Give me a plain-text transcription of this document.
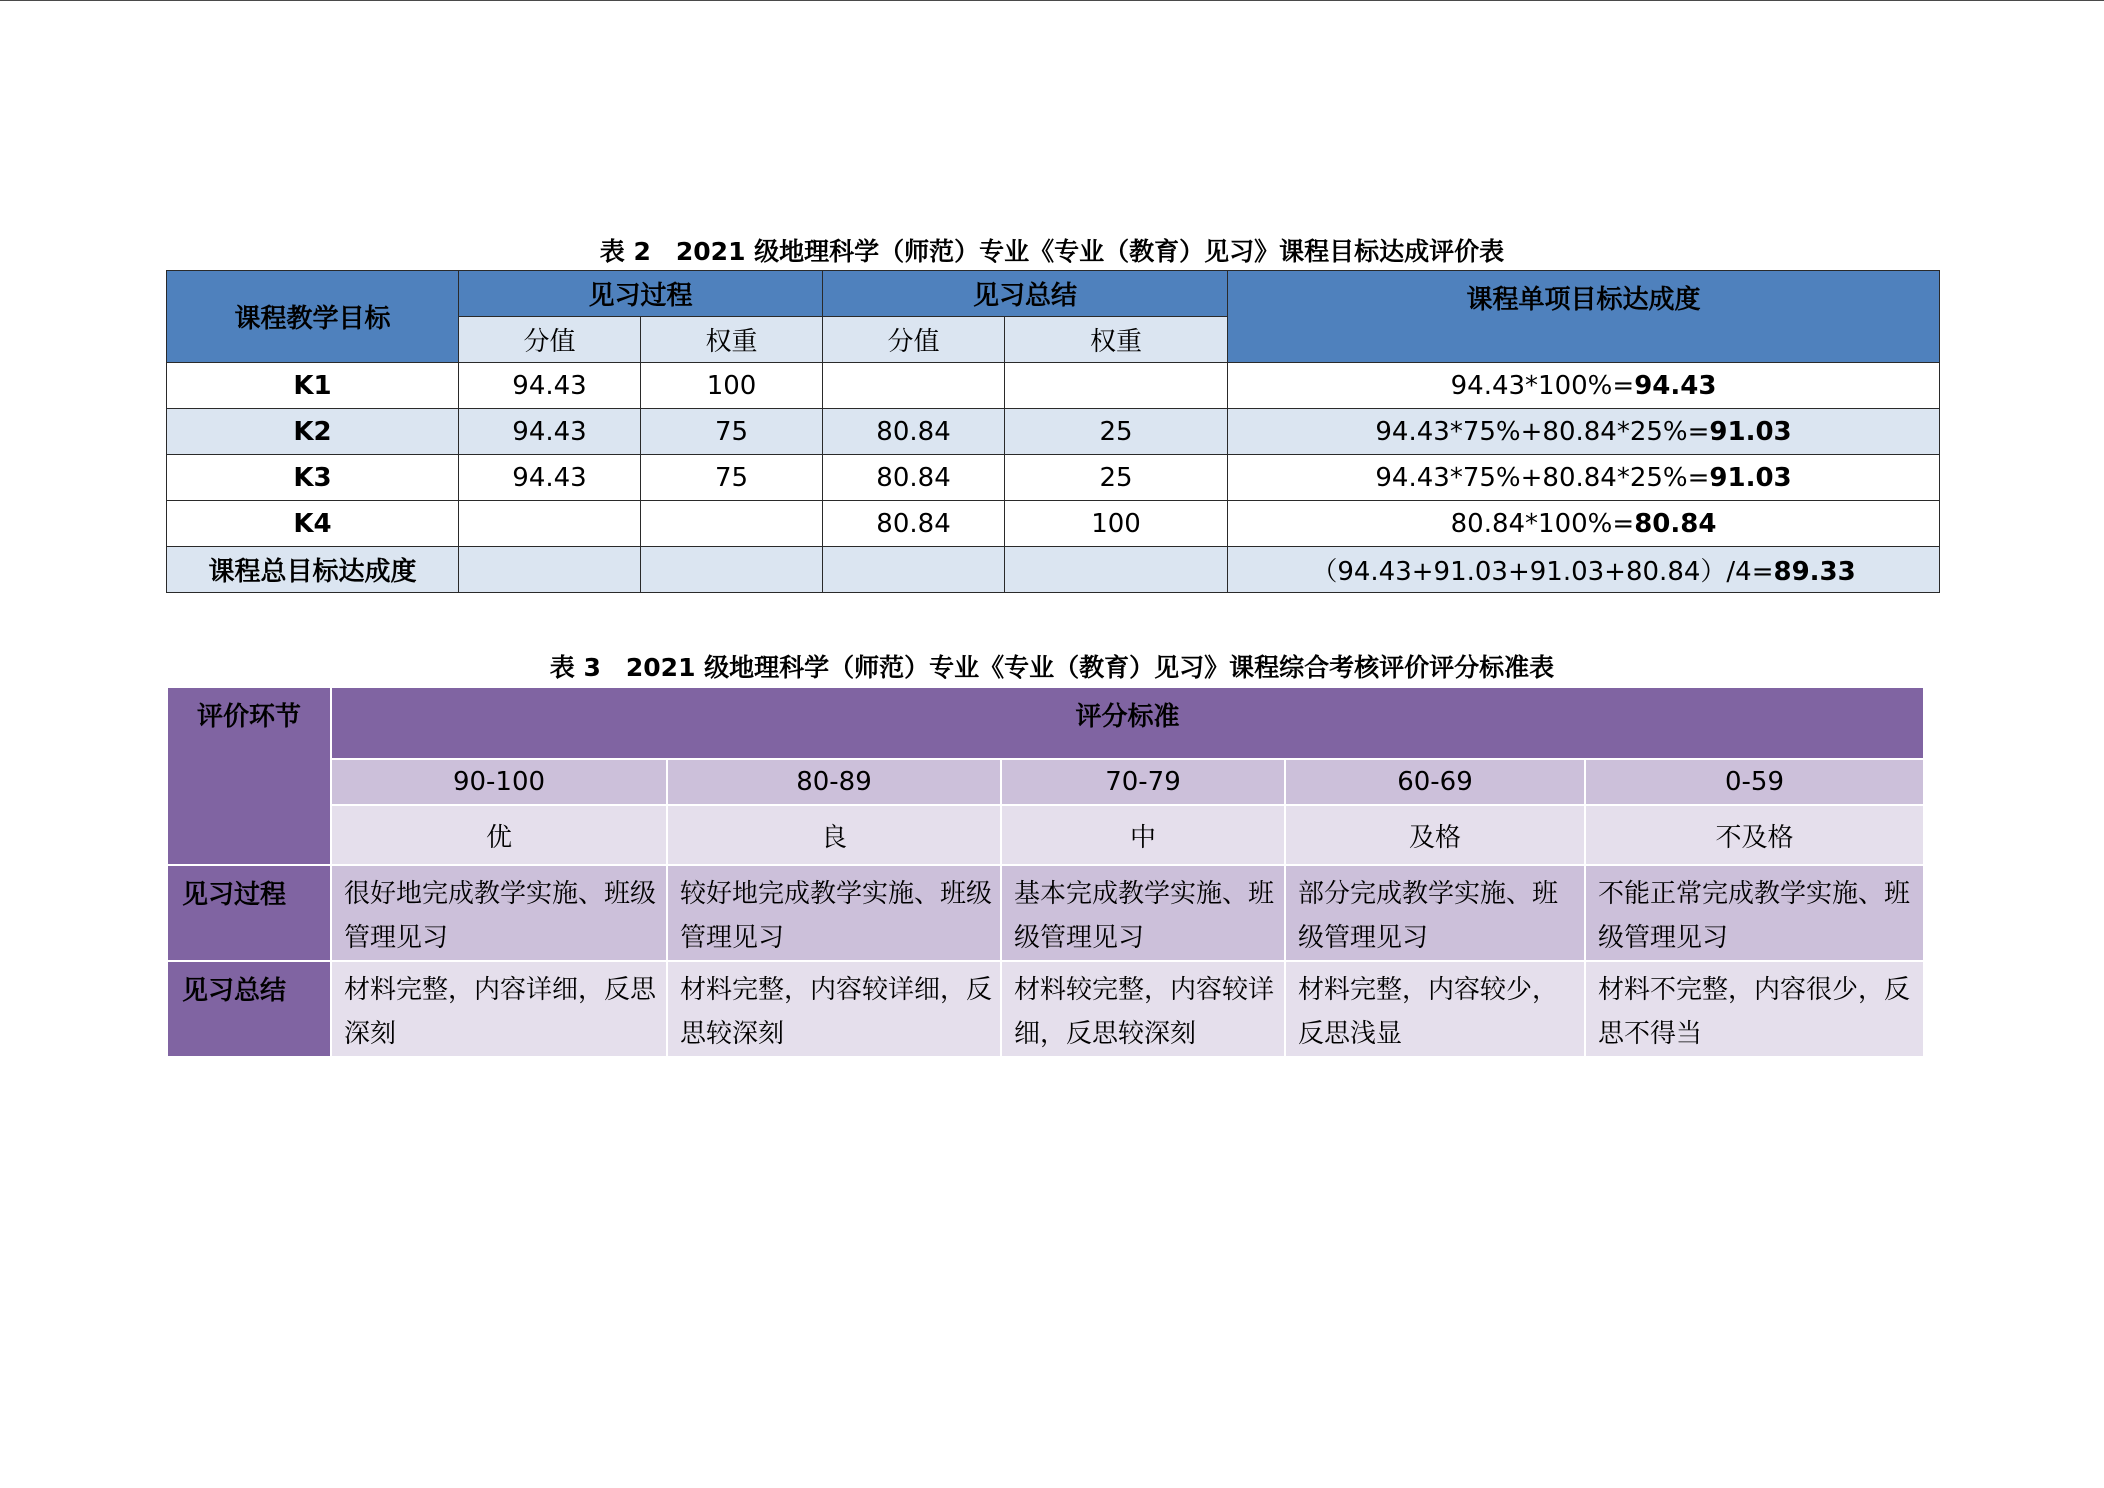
表 2　2021 级地理科学（师范）专业《专业（教育）见习》课程目标达成评价表
课程教学目标	见习过程		见习总结		课程单项目标达成度
	分值	权重	分值	权重	
K1	94.43	100			94.43*100%=94.43
K2	94.43	75	80.84	25	94.43*75%+80.84*25%=91.03
K3	94.43	75	80.84	25	94.43*75%+80.84*25%=91.03
K4			80.84	100	80.84*100%=80.84
课程总目标达成度					（94.43+91.03+91.03+80.84）/4=89.33
表 3　2021 级地理科学（师范）专业《专业（教育）见习》课程综合考核评价评分标准表
评价环节	评分标准				
	90-100	80-89	70-79	60-69	0-59
	优	良	中	及格	不及格
见习过程	很好地完成教学实施、班级管理见习	较好地完成教学实施、班级管理见习	基本完成教学实施、班级管理见习	部分完成教学实施、班级管理见习	不能正常完成教学实施、班级管理见习
见习总结	材料完整，内容详细，反思深刻	材料完整，内容较详细，反思较深刻	材料较完整，内容较详细，反思较深刻	材料完整，内容较少，反思浅显	材料不完整，内容很少，反思不得当
